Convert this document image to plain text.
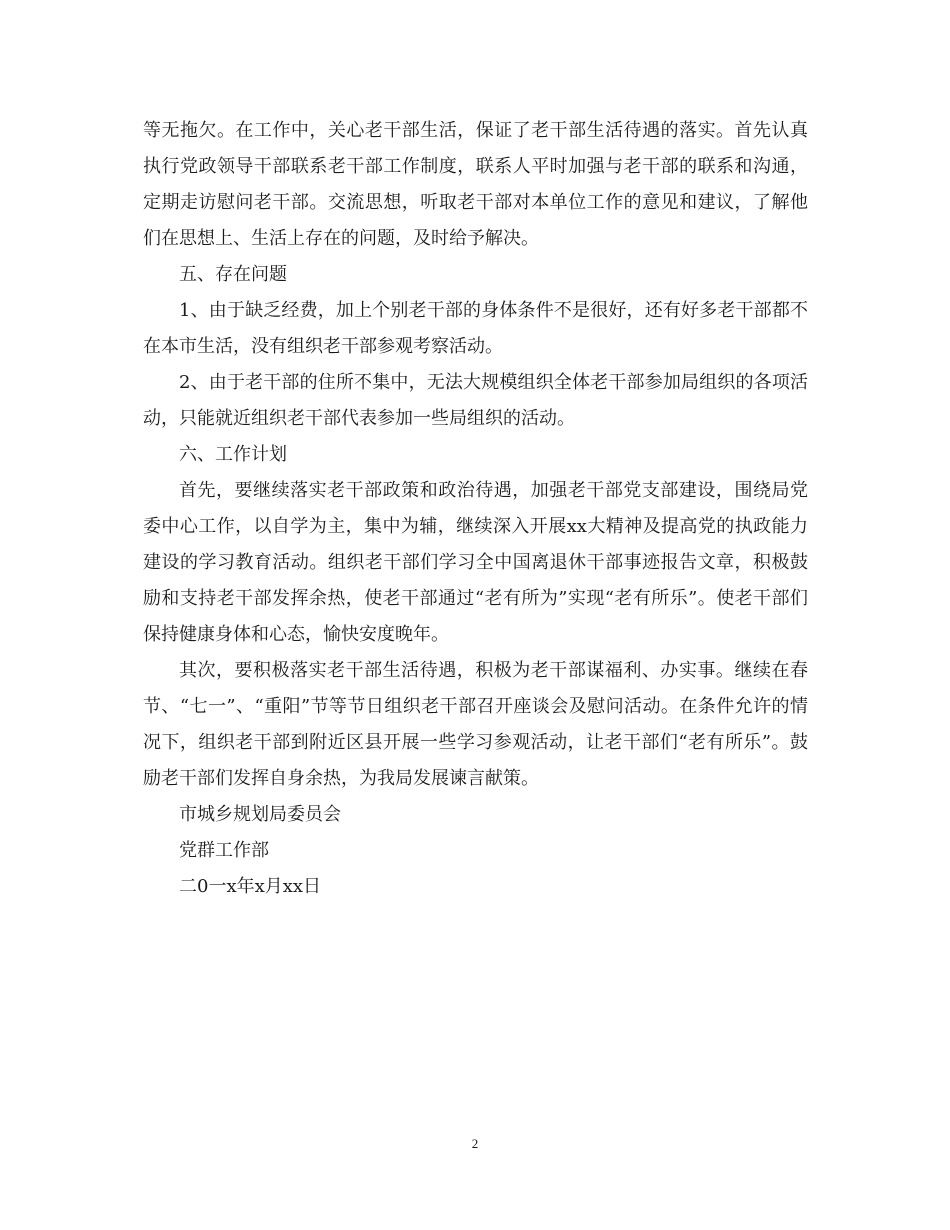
等无拖欠。在工作中，关心老干部生活，保证了老干部生活待遇的落实。首先认真执行党政领导干部联系老干部工作制度，联系人平时加强与老干部的联系和沟通，定期走访慰问老干部。交流思想，听取老干部对本单位工作的意见和建议，了解他们在思想上、生活上存在的问题，及时给予解决。

五、存在问题

1、由于缺乏经费，加上个别老干部的身体条件不是很好，还有好多老干部都不在本市生活，没有组织老干部参观考察活动。

2、由于老干部的住所不集中，无法大规模组织全体老干部参加局组织的各项活动，只能就近组织老干部代表参加一些局组织的活动。

六、工作计划

首先，要继续落实老干部政策和政治待遇，加强老干部党支部建设，围绕局党委中心工作，以自学为主，集中为辅，继续深入开展xx大精神及提高党的执政能力建设的学习教育活动。组织老干部们学习全中国离退休干部事迹报告文章，积极鼓励和支持老干部发挥余热，使老干部通过“老有所为”实现“老有所乐”。使老干部们保持健康身体和心态，愉快安度晚年。

其次，要积极落实老干部生活待遇，积极为老干部谋福利、办实事。继续在春节、“七一”、“重阳”节等节日组织老干部召开座谈会及慰问活动。在条件允许的情况下，组织老干部到附近区县开展一些学习参观活动，让老干部们“老有所乐”。鼓励老干部们发挥自身余热，为我局发展谏言献策。

市城乡规划局委员会

党群工作部

二0一x年x月xx日

2
